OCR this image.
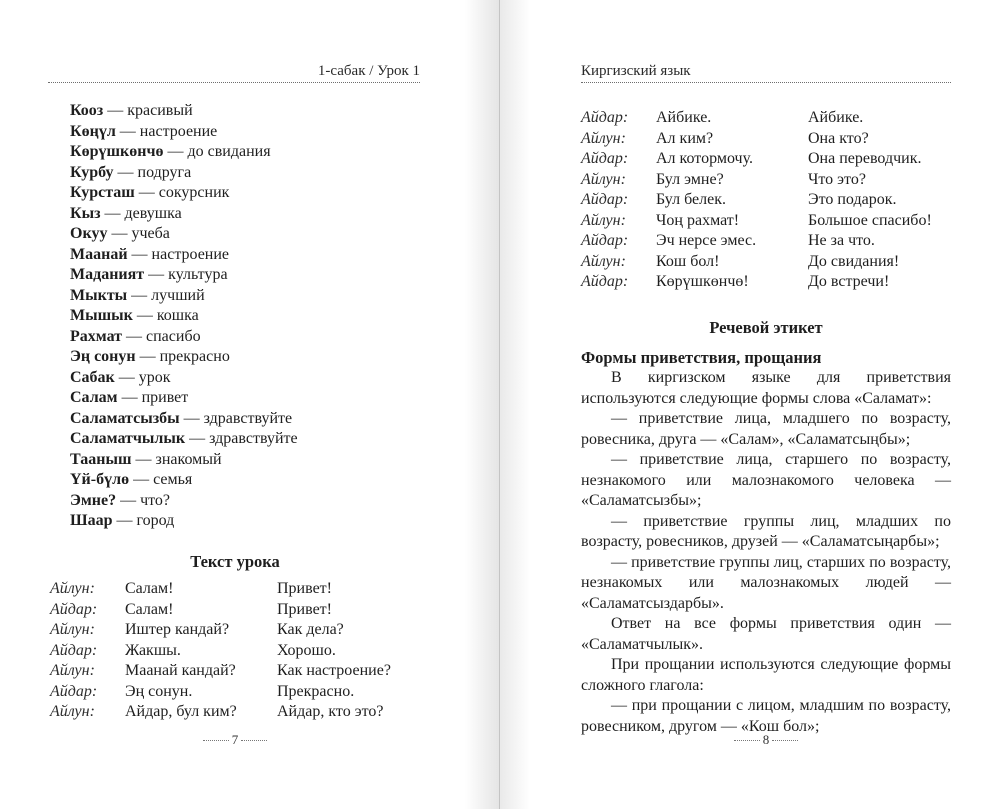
1-сабак / Урок 1
Кооз — красивый
Көңүл — настроение
Көрүшкөнчө — до свидания
Курбу — подруга
Курсташ — сокурсник
Кыз — девушка
Окуу — учеба
Маанай — настроение
Маданият — культура
Мыкты — лучший
Мышык — кошка
Рахмат — спасибо
Эң сонун — прекрасно
Сабак — урок
Салам — привет
Саламатсызбы — здравствуйте
Саламатчылык — здравствуйте
Тааныш — знакомый
Үй-бүлө — семья
Эмне? — что?
Шаар — город
Текст урока
Айлун: Салам!	Привет!
Айдар: Салам!	Привет!
Айлун: Иштер кандай?	Как дела?
Айдар: Жакшы.	Хорошо.
Айлун: Маанай кандай?	Как настроение?
Айдар: Эң сонун.	Прекрасно.
Айлун: Айдар, бул ким?	Айдар, кто это?
7
Киргизский язык
Айдар: Айбике.	Айбике.
Айлун: Ал ким?	Она кто?
Айдар: Ал котормочу.	Она переводчик.
Айлун: Бул эмне?	Что это?
Айдар: Бул белек.	Это подарок.
Айлун: Чоң рахмат!	Большое спасибо!
Айдар: Эч нерсе эмес.	Не за что.
Айлун: Кош бол!	До свидания!
Айдар: Көрүшкөнчө!	До встречи!
Речевой этикет
Формы приветствия, прощания

В киргизском языке для приветствия используются следующие формы слова «Саламат»:

— приветствие лица, младшего по возрасту, ровесника, друга — «Салам», «Саламатсыңбы»;

— приветствие лица, старшего по возрасту, незнакомого или малознакомого человека — «Саламатсызбы»;

— приветствие группы лиц, младших по возрасту, ровесников, друзей — «Саламатсыңарбы»;

— приветствие группы лиц, старших по возрасту, незнакомых или малознакомых людей — «Саламатсыздарбы».

Ответ на все формы приветствия один — «Саламатчылык».

При прощании используются следующие формы сложного глагола:

— при прощании с лицом, младшим по возрасту, ровесником, другом — «Кош бол»;

8
